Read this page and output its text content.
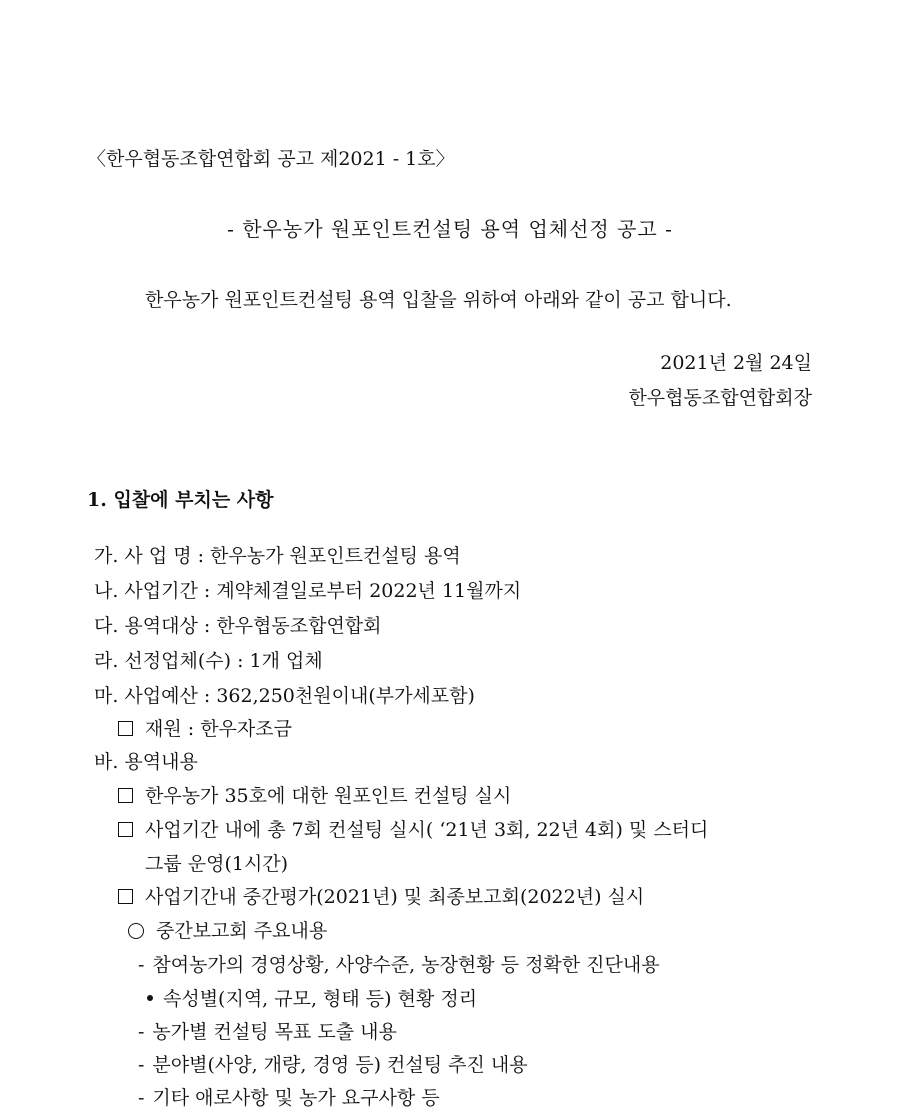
〈한우협동조합연합회 공고 제2021 - 1호〉
- 한우농가 원포인트컨설팅 용역 업체선정 공고 -
한우농가 원포인트컨설팅 용역 입찰을 위하여 아래와 같이 공고 합니다.
2021년 2월 24일
한우협동조합연합회장
1. 입찰에 부치는 사항
가. 사 업 명 : 한우농가 원포인트컨설팅 용역
나. 사업기간 : 계약체결일로부터 2022년 11월까지
다. 용역대상 : 한우협동조합연합회
라. 선정업체(수) : 1개 업체
마. 사업예산 : 362,250천원이내(부가세포함)
재원 : 한우자조금
바. 용역내용
한우농가 35호에 대한 원포인트 컨설팅 실시
사업기간 내에 총 7회 컨설팅 실시( ‘21년 3회, 22년 4회) 및 스터디
그룹 운영(1시간)
사업기간내 중간평가(2021년) 및 최종보고회(2022년) 실시
중간보고회 주요내용
- 참여농가의 경영상황, 사양수준, 농장현황 등 정확한 진단내용
속성별(지역, 규모, 형태 등) 현황 정리
- 농가별 컨설팅 목표 도출 내용
- 분야별(사양, 개량, 경영 등) 컨설팅 추진 내용
- 기타 애로사항 및 농가 요구사항 등
